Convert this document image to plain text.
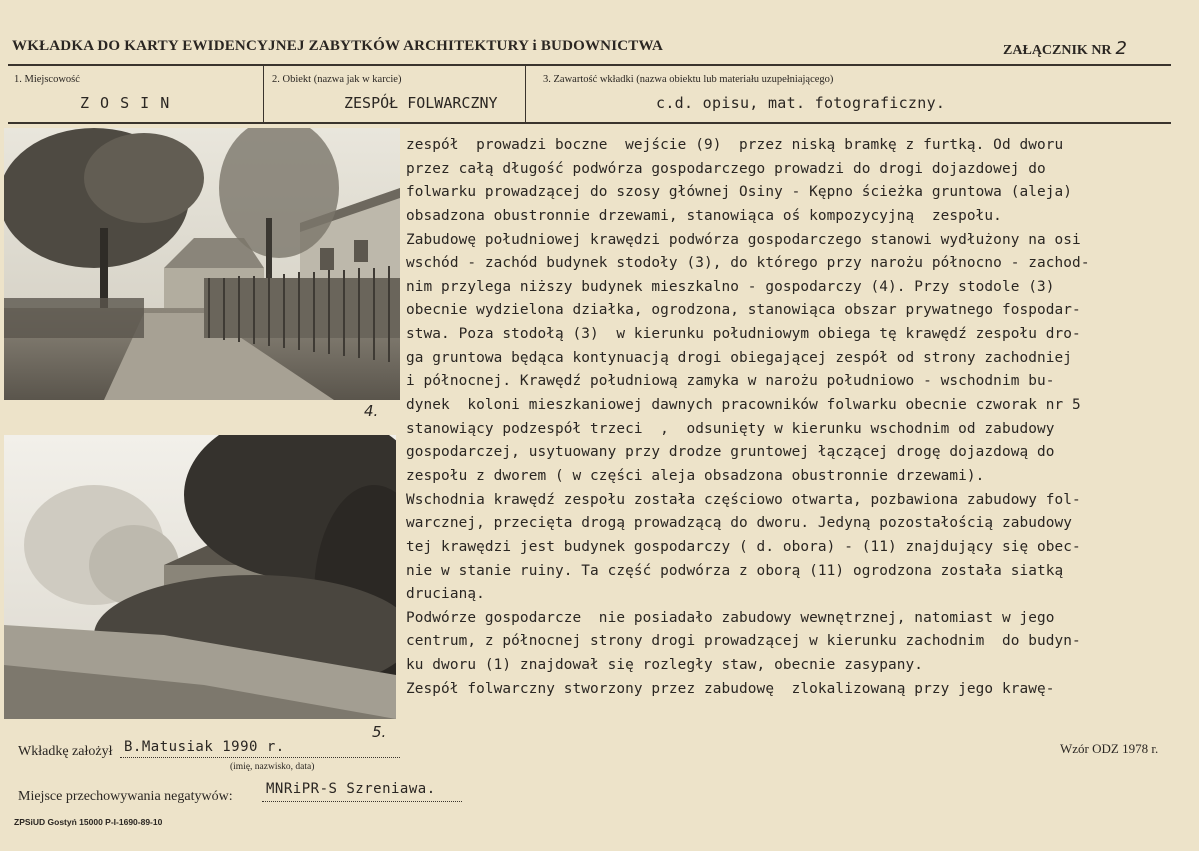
WKŁADKA DO KARTY EWIDENCYJNEJ ZABYTKÓW ARCHITEKTURY i BUDOWNICTWA	ZAŁĄCZNIK NR 2
1. Miejscowość
Z O S I N
2. Obiekt (nazwa jak w karcie)
ZESPÓŁ FOLWARCZNY
3. Zawartość wkładki (nazwa obiektu lub materiału uzupełniającego)
c.d. opisu, mat. fotograficzny.
4.
5.
zespół  prowadzi boczne  wejście (9)  przez niską bramkę z furtką. Od dworu
przez całą długość podwórza gospodarczego prowadzi do drogi dojazdowej do
folwarku prowadzącej do szosy głównej Osiny - Kępno ścieżka gruntowa (aleja)
obsadzona obustronnie drzewami, stanowiąca oś kompozycyjną  zespołu.
Zabudowę południowej krawędzi podwórza gospodarczego stanowi wydłużony na osi
wschód - zachód budynek stodoły (3), do którego przy narożu północno - zachod-
nim przylega niższy budynek mieszkalno - gospodarczy (4). Przy stodole (3)
obecnie wydzielona działka, ogrodzona, stanowiąca obszar prywatnego fospodar-
stwa. Poza stodołą (3)  w kierunku południowym obiega tę krawędź zespołu dro-
ga gruntowa będąca kontynuacją drogi obiegającej zespół od strony zachodniej
i północnej. Krawędź południową zamyka w narożu południowo - wschodnim bu-
dynek  koloni mieszkaniowej dawnych pracowników folwarku obecnie czworak nr 5
stanowiący podzespół trzeci  ,  odsunięty w kierunku wschodnim od zabudowy
gospodarczej, usytuowany przy drodze gruntowej łączącej drogę dojazdową do
zespołu z dworem ( w części aleja obsadzona obustronnie drzewami).
Wschodnia krawędź zespołu została częściowo otwarta, pozbawiona zabudowy fol-
warcznej, przecięta drogą prowadzącą do dworu. Jedyną pozostałością zabudowy
tej krawędzi jest budynek gospodarczy ( d. obora) - (11) znajdujący się obec-
nie w stanie ruiny. Ta część podwórza z oborą (11) ogrodzona została siatką
drucianą.
Podwórze gospodarcze  nie posiadało zabudowy wewnętrznej, natomiast w jego
centrum, z północnej strony drogi prowadzącej w kierunku zachodnim  do budyn-
ku dworu (1) znajdował się rozległy staw, obecnie zasypany.
Zespół folwarczny stworzony przez zabudowę  zlokalizowaną przy jego krawę-
Wkładkę założył B.Matusiak 1990 r.
(imię, nazwisko, data)
Miejsce przechowywania negatywów: MNRiPR-S Szreniawa.
Wzór ODZ 1978 r.
ZPSiUD Gostyń 15000 P-I-1690-89-10
